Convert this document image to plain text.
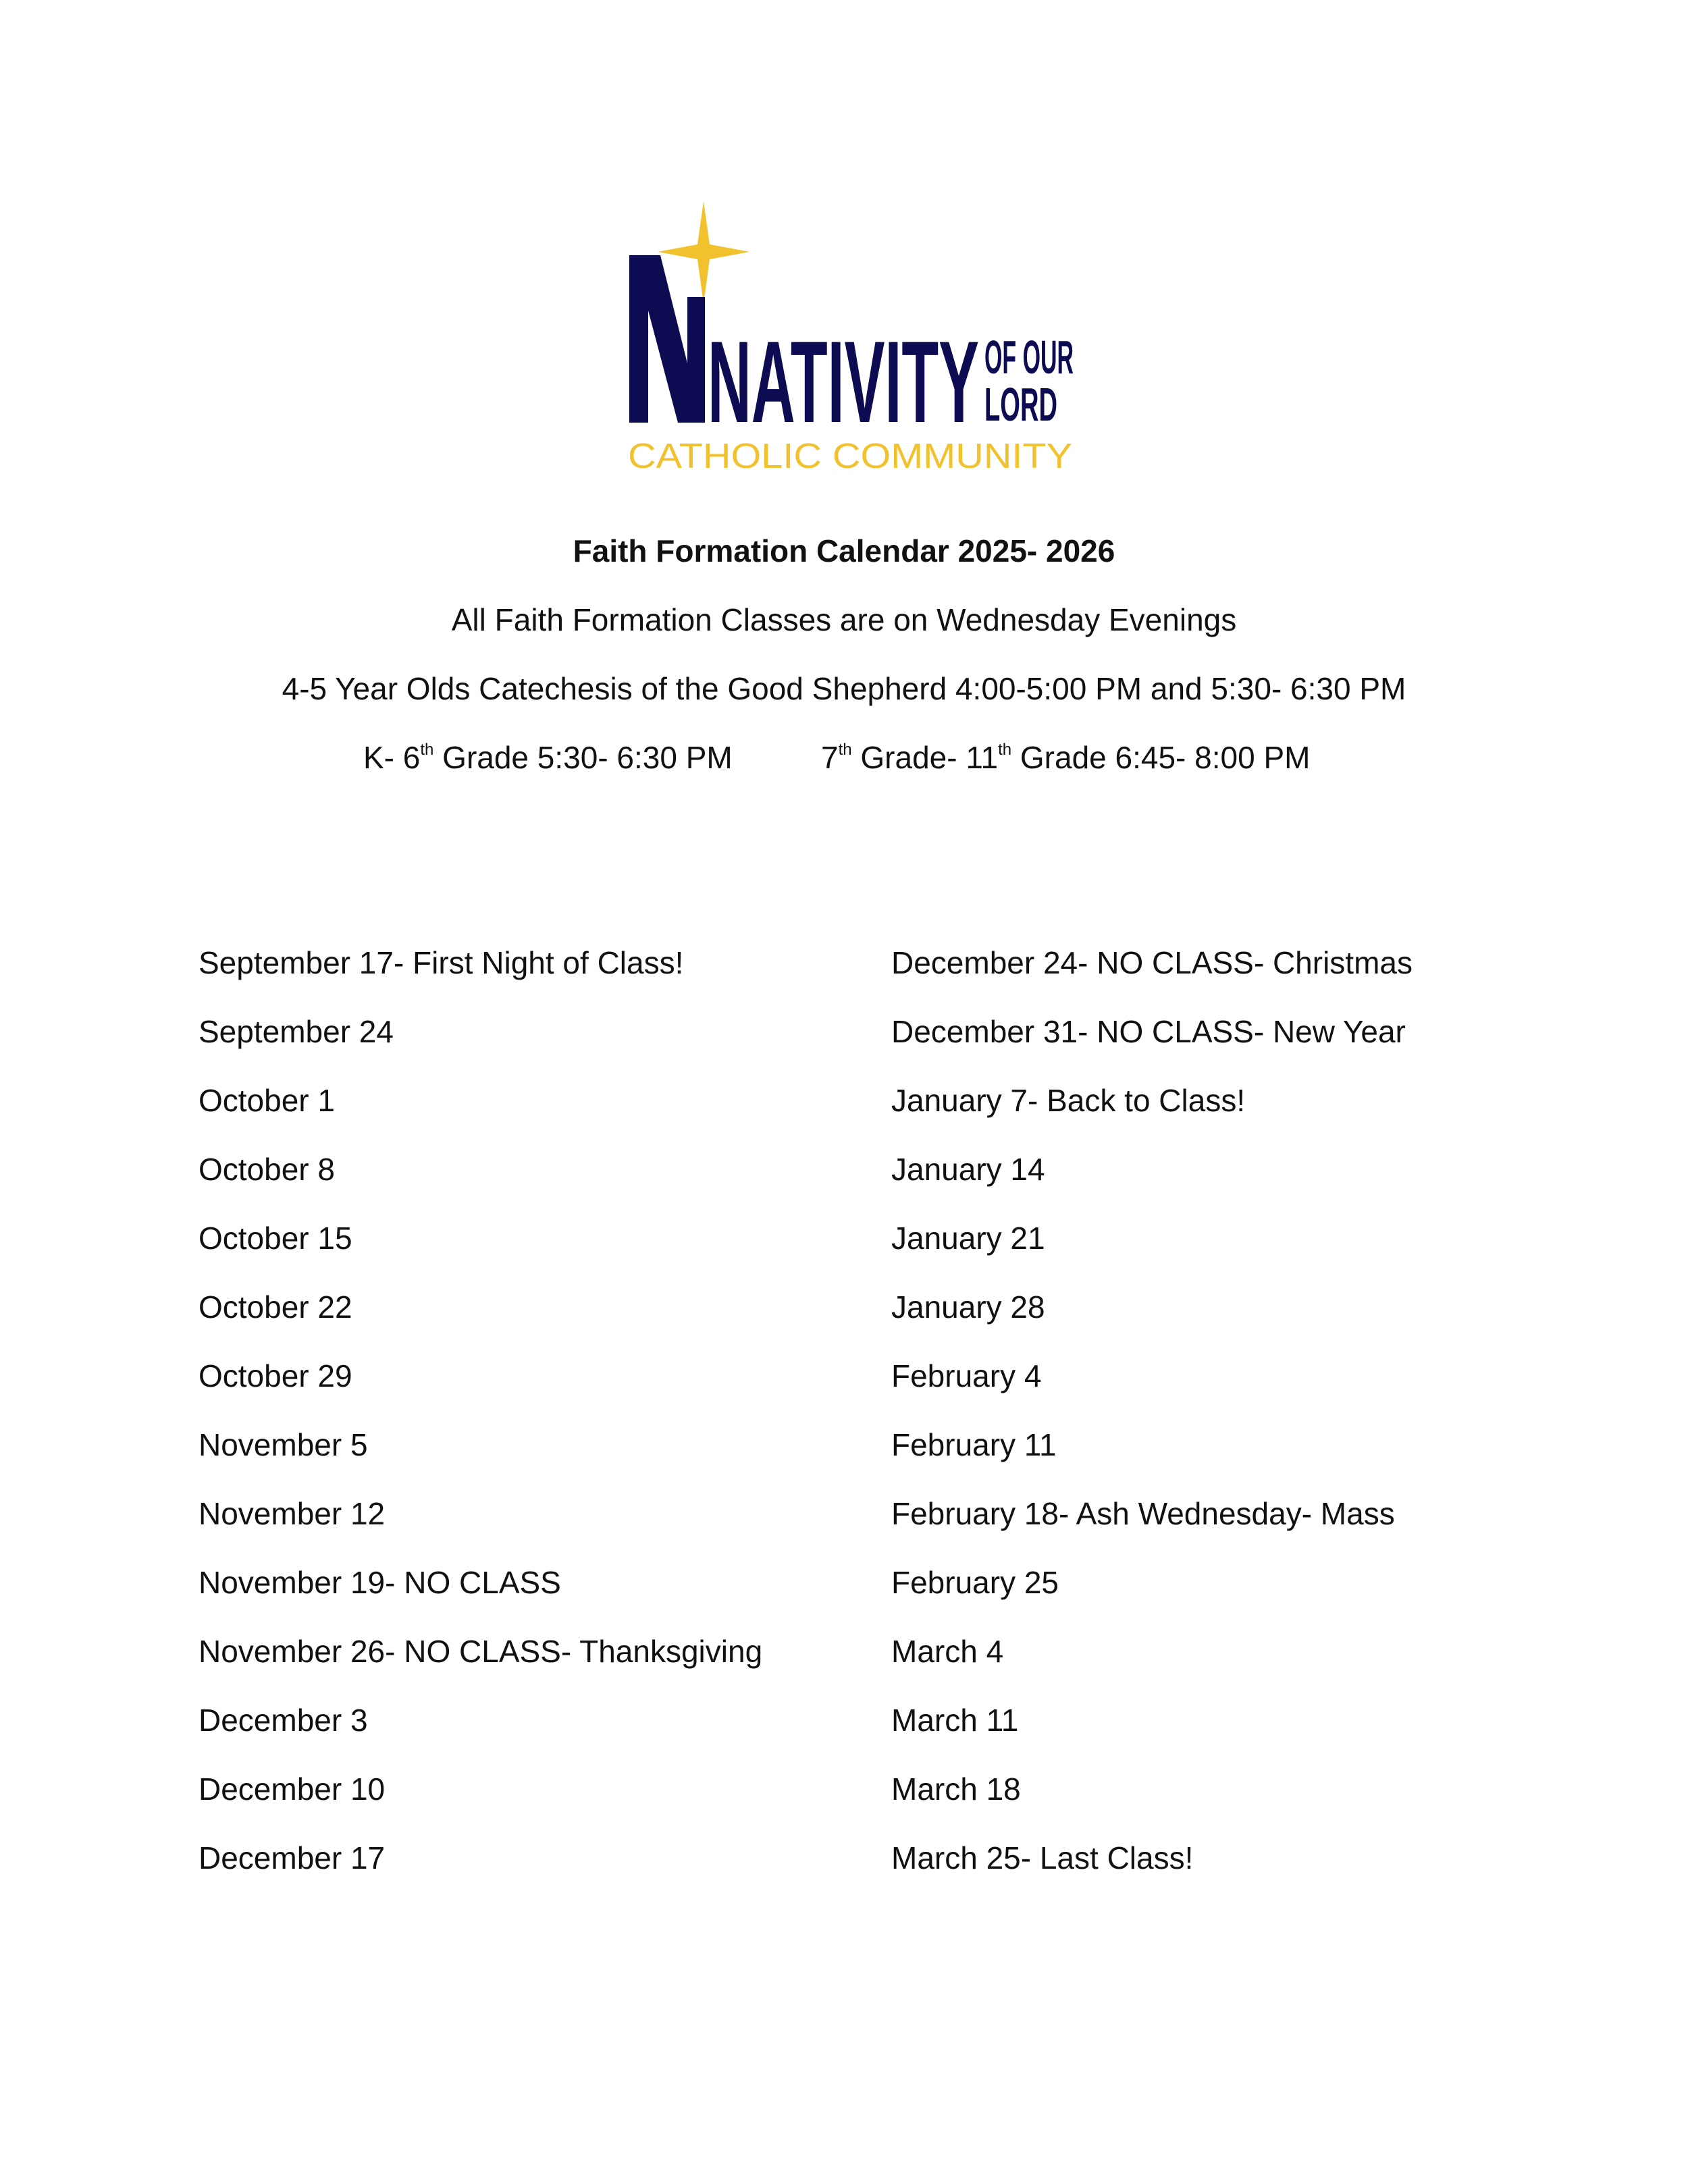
NATIVITY OF OUR
LORD
CATHOLIC COMMUNITY
Faith Formation Calendar 2025- 2026
All Faith Formation Classes are on Wednesday Evenings
4-5 Year Olds Catechesis of the Good Shepherd 4:00-5:00 PM and 5:30- 6:30 PM
K- 6th Grade 5:30- 6:30 PM	7th Grade- 11th Grade 6:45- 8:00 PM
September 17- First Night of Class!
September 24
October 1
October 8
October 15
October 22
October 29
November 5
November 12
November 19- NO CLASS
November 26- NO CLASS- Thanksgiving
December 3
December 10
December 17
December 24- NO CLASS- Christmas
December 31- NO CLASS- New Year
January 7- Back to Class!
January 14
January 21
January 28
February 4
February 11
February 18- Ash Wednesday- Mass
February 25
March 4
March 11
March 18
March 25- Last Class!
